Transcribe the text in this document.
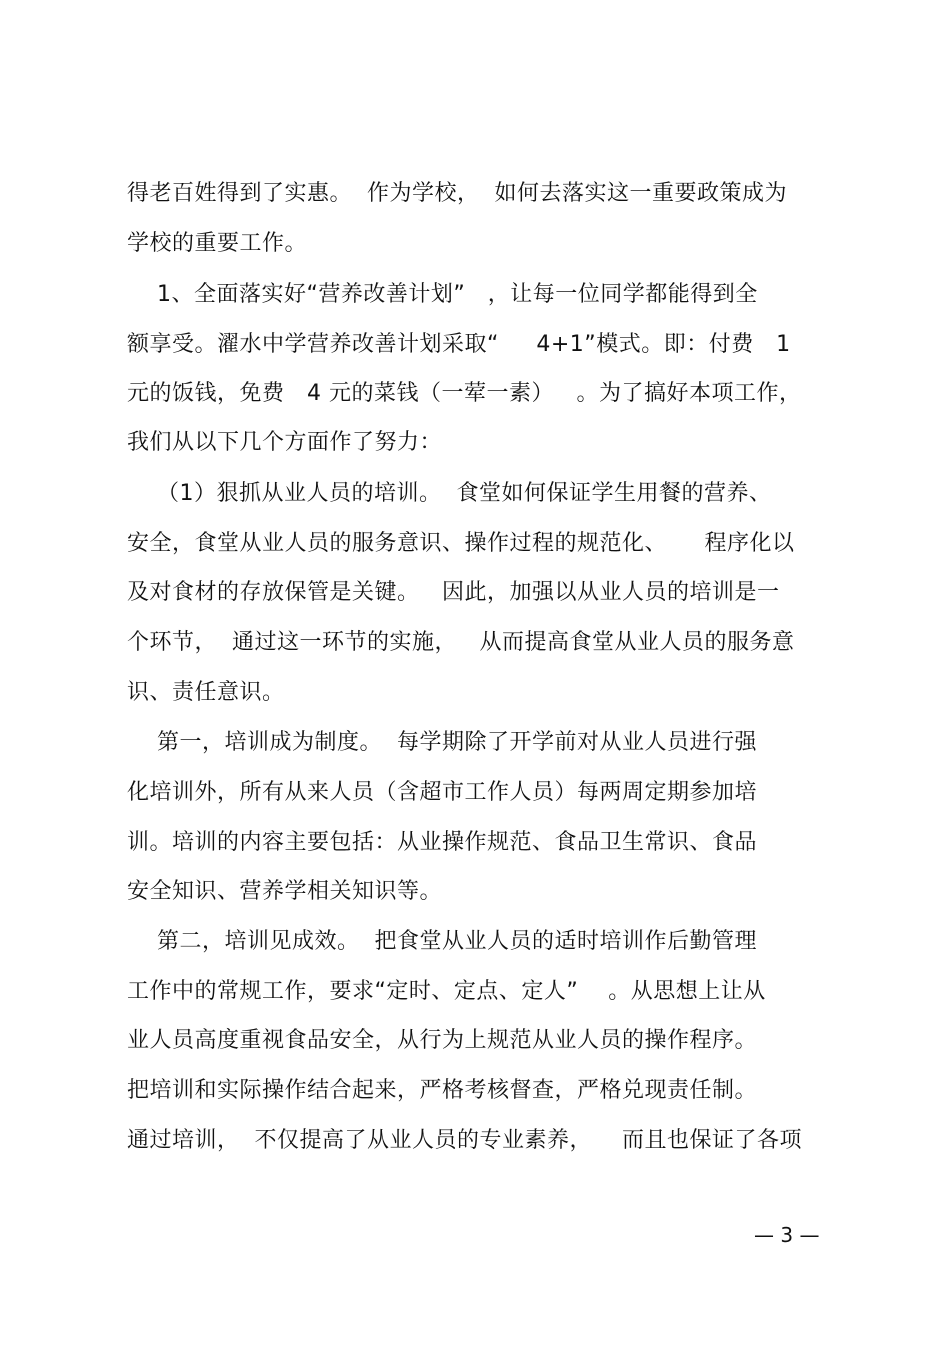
得老百姓得到了实惠。  作为学校，  如何去落实这一重要政策成为
学校的重要工作。
1、全面落实好“营养改善计划”   ，让每一位同学都能得到全
额享受。濯水中学营养改善计划采取“     4+1”模式。即：付费   1
元的饭钱，免费   4 元的菜钱（一荤一素）   。为了搞好本项工作，
我们从以下几个方面作了努力：
（1）狠抓从业人员的培训。  食堂如何保证学生用餐的营养、
安全，食堂从业人员的服务意识、操作过程的规范化、     程序化以
及对食材的存放保管是关键。   因此，加强以从业人员的培训是一
个环节，  通过这一环节的实施，   从而提高食堂从业人员的服务意
识、责任意识。
第一，培训成为制度。  每学期除了开学前对从业人员进行强
化培训外，所有从来人员（含超市工作人员）每两周定期参加培
训。培训的内容主要包括：从业操作规范、食品卫生常识、食品
安全知识、营养学相关知识等。
第二，培训见成效。  把食堂从业人员的适时培训作后勤管理
工作中的常规工作，要求“定时、定点、定人”    。从思想上让从
业人员高度重视食品安全，从行为上规范从业人员的操作程序。
把培训和实际操作结合起来，严格考核督查，严格兑现责任制。
通过培训，  不仅提高了从业人员的专业素养，    而且也保证了各项
— 3 —
